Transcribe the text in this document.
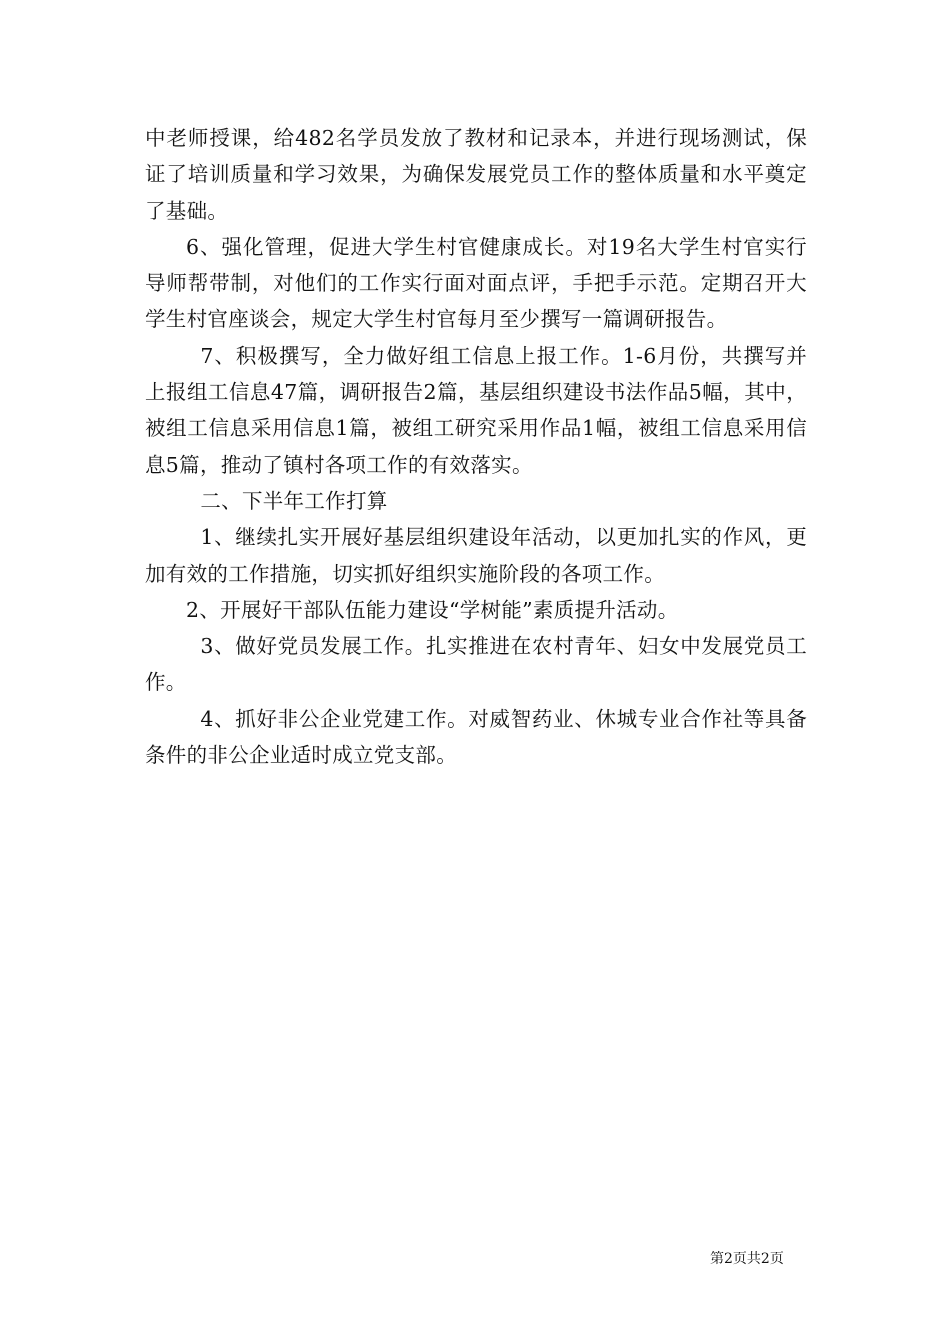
中老师授课，给482名学员发放了教材和记录本，并进行现场测试，保证了培训质量和学习效果，为确保发展党员工作的整体质量和水平奠定了基础。

6、强化管理，促进大学生村官健康成长。对19名大学生村官实行导师帮带制，对他们的工作实行面对面点评，手把手示范。定期召开大学生村官座谈会，规定大学生村官每月至少撰写一篇调研报告。

7、积极撰写，全力做好组工信息上报工作。1-6月份，共撰写并上报组工信息47篇，调研报告2篇，基层组织建设书法作品5幅，其中，被组工信息采用信息1篇，被组工研究采用作品1幅，被组工信息采用信息5篇，推动了镇村各项工作的有效落实。

二、下半年工作打算

1、继续扎实开展好基层组织建设年活动，以更加扎实的作风，更加有效的工作措施，切实抓好组织实施阶段的各项工作。

2、开展好干部队伍能力建设“学树能”素质提升活动。

3、做好党员发展工作。扎实推进在农村青年、妇女中发展党员工作。

4、抓好非公企业党建工作。对威智药业、休城专业合作社等具备条件的非公企业适时成立党支部。

第2页共2页
